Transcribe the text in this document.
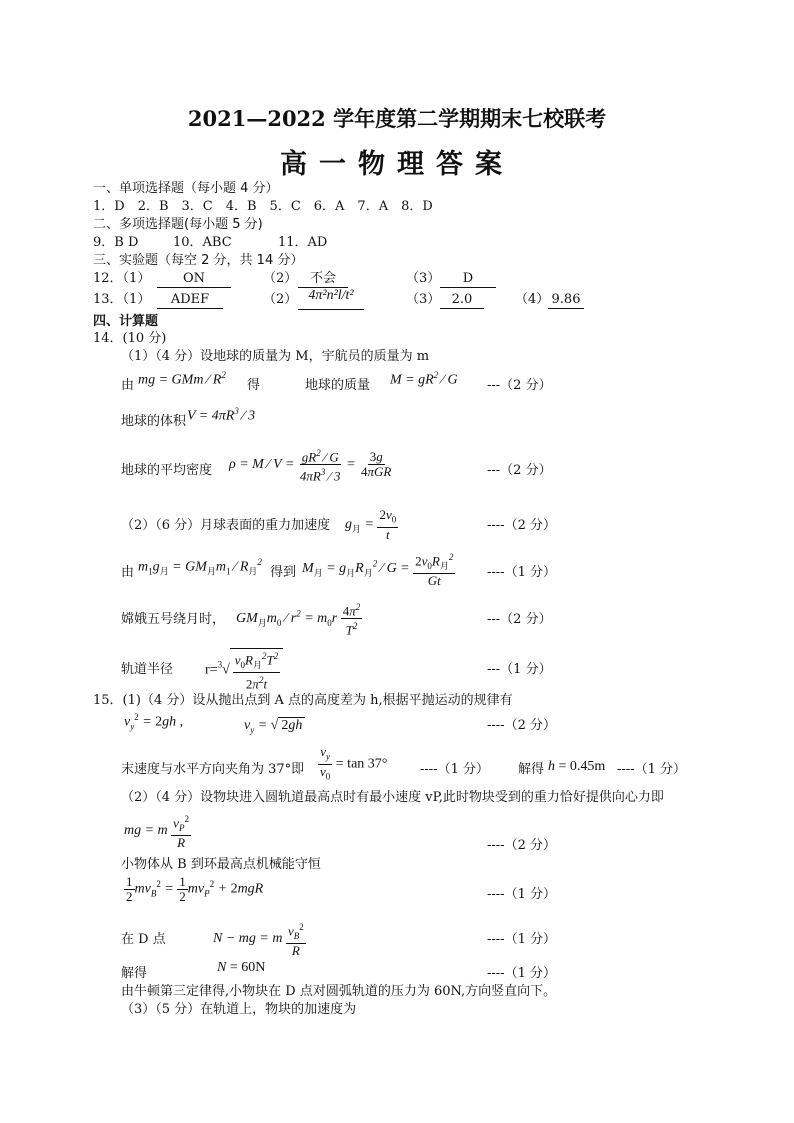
2021—2022 学年度第二学期期末七校联考
高一物理答案
一、单项选择题（每小题 4 分）
1．D　2．B　3．C　4．B　5．C　6．A　7．A　8．D
二、多项选择题(每小题 5 分)
9．B D	10．ABC	11．AD
三、实验题（每空 2 分，共 14 分）
12．（1）	ON	（2） 不会	（3）	D
13．（1）	ADEF	（2） 4π²n²l/t²	（3） 2.0	（4） 9.86
四、计算题
14．(10 分)
（1）（4 分）设地球的质量为 M，宇航员的质量为 m
由 mg = GMm ⁄ $R^2$
得	地球的质量 $M = gR^2$ ⁄ G ---（2 分）
地球的体积 $V = 4\pi R^3$ ⁄ 3
地球的平均密度 ρ = M ⁄ $V = \frac{gR^2 ⁄ G}{4\pi R^3 ⁄ 3} = \frac{3g}{\text{4πGR}}$	---（2 分）
（2）（6 分）月球表面的重力加速度 $g_月 = \frac{2v_0}{t}$	----（2 分）
由 $m_1g_月 = GM_月m_1$ ⁄ $R_月^2$
得到 $M_月 = g_月R_月^2$ ⁄ $G = \frac{2v_0R_月^2}{Gt} ----(1$ 分）
嫦娥五号绕月时， $GM_月m_0$ ⁄ $r^2 = m_0r \frac{4\pi^2}{T^2}$	---（2 分）
轨道半径 $r=^3√ \frac{v_0R_月^2T^2}{2\pi^2t}$	---（1 分）
15．(1)（4 分）设从抛出点到 A 点的高度差为 h,根据平抛运动的规律有
$v_y^2 = 2gh$ ,	$v_y$ = √ 2gh	----（2 分）
末速度与水平方向夹角为 37°即 $\frac{v_y}{v_0} = \tan 37^\circ$	----（1 分） 解得 h = 0.45m ----（1 分）
（2）（4 分）设物块进入圆轨道最高点时有最小速度 vP,此时物块受到的重力恰好提供向心力即
mg = m $\frac{v_P^2}{R}$	----（2 分）
小物体从 B 到环最高点机械能守恒
$\frac{1}{2} mv_B^2 = \frac{1}{2} mv_P^2 + 2mgR$	----（1 分）
在 D 点	N − mg = m $\frac{v_B^2}{R}$	----（1 分）
解得	N = 60N	----（1 分）
由牛顿第三定律得,小物块在 D 点对圆弧轨道的压力为 60N,方向竖直向下。
（3）（5 分）在轨道上，物块的加速度为
